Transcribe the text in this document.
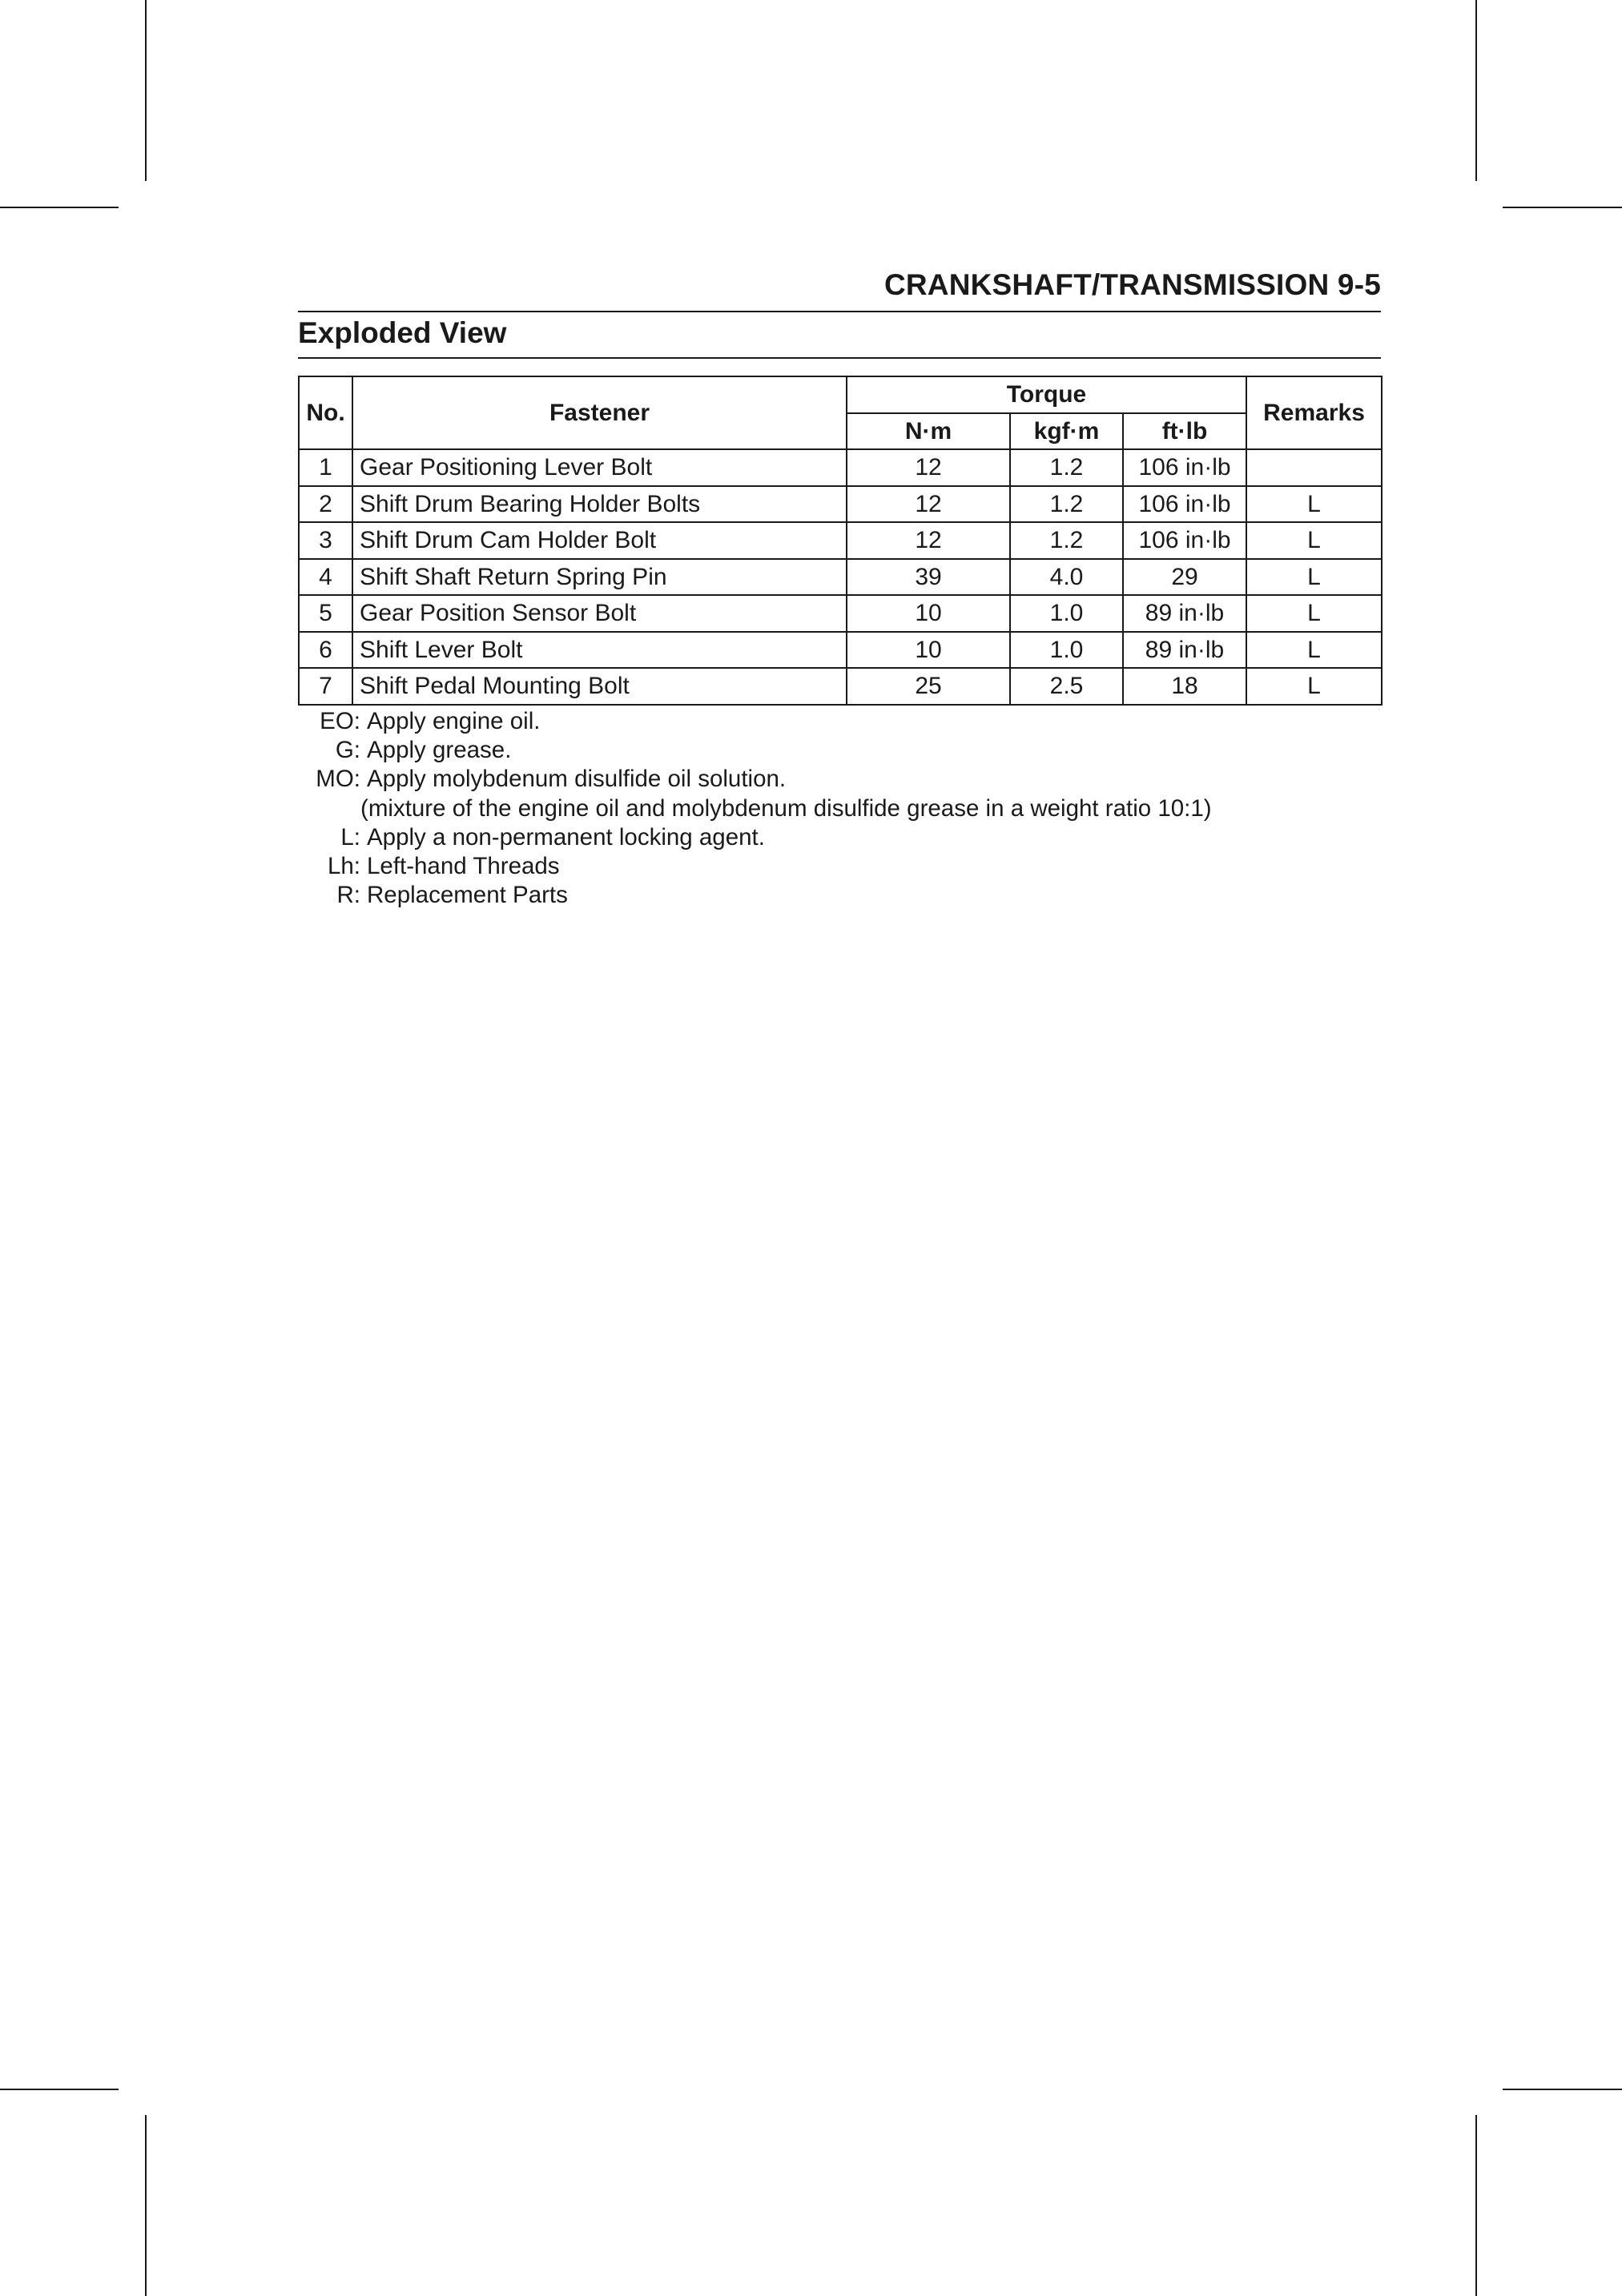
CRANKSHAFT/TRANSMISSION 9-5
Exploded View
No.	Fastener	Torque			Remarks
		N·m	kgf·m	ft·lb	
1	Gear Positioning Lever Bolt	12	1.2	106 in·lb	
2	Shift Drum Bearing Holder Bolts	12	1.2	106 in·lb	L
3	Shift Drum Cam Holder Bolt	12	1.2	106 in·lb	L
4	Shift Shaft Return Spring Pin	39	4.0	29	L
5	Gear Position Sensor Bolt	10	1.0	89 in·lb	L
6	Shift Lever Bolt	10	1.0	89 in·lb	L
7	Shift Pedal Mounting Bolt	25	2.5	18	L
EO: Apply engine oil.
G: Apply grease.
MO: Apply molybdenum disulfide oil solution.
(mixture of the engine oil and molybdenum disulfide grease in a weight ratio 10:1)
L: Apply a non-permanent locking agent.
Lh: Left-hand Threads
R: Replacement Parts
